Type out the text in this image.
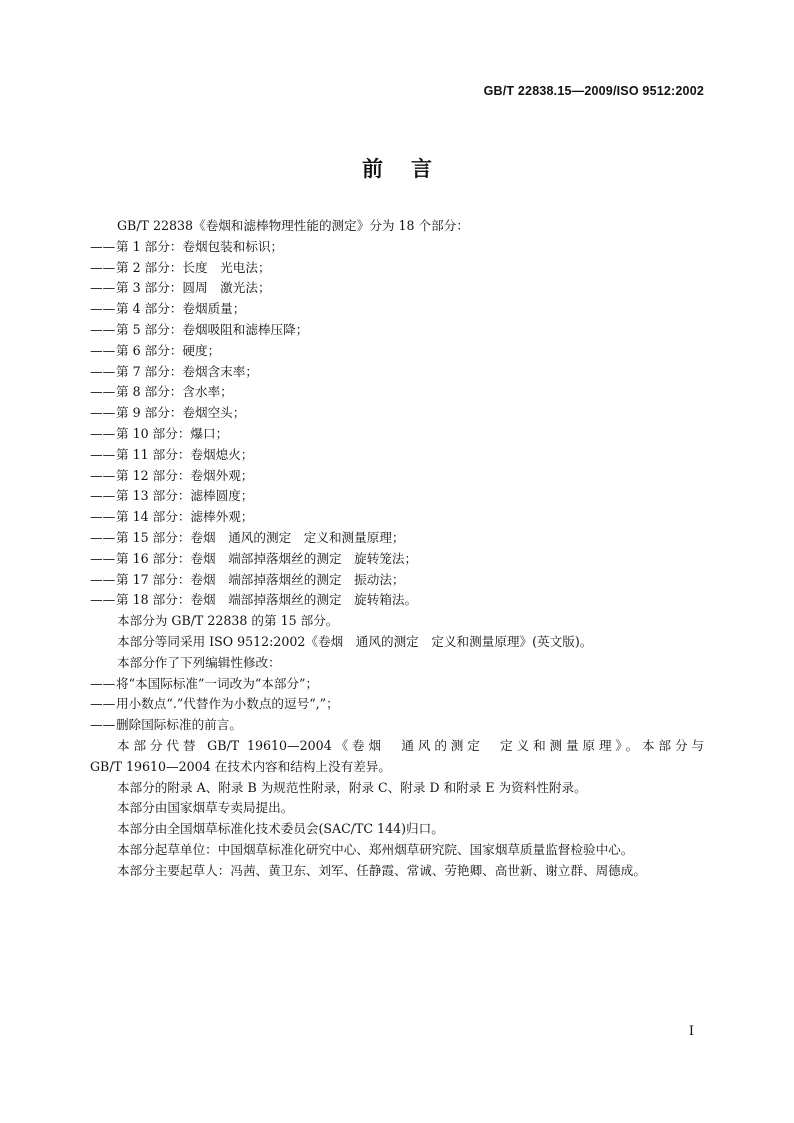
GB/T 22838.15—2009/ISO 9512:2002
前言
GB/T 22838《卷烟和滤棒物理性能的测定》分为 18 个部分：
——第 1 部分：卷烟包装和标识；
——第 2 部分：长度　光电法；
——第 3 部分：圆周　激光法；
——第 4 部分：卷烟质量；
——第 5 部分：卷烟吸阻和滤棒压降；
——第 6 部分：硬度；
——第 7 部分：卷烟含末率；
——第 8 部分：含水率；
——第 9 部分：卷烟空头；
——第 10 部分：爆口；
——第 11 部分：卷烟熄火；
——第 12 部分：卷烟外观；
——第 13 部分：滤棒圆度；
——第 14 部分：滤棒外观；
——第 15 部分：卷烟　通风的测定　定义和测量原理；
——第 16 部分：卷烟　端部掉落烟丝的测定　旋转笼法；
——第 17 部分：卷烟　端部掉落烟丝的测定　振动法；
——第 18 部分：卷烟　端部掉落烟丝的测定　旋转箱法。
本部分为 GB/T 22838 的第 15 部分。
本部分等同采用 ISO 9512:2002《卷烟　通风的测定　定义和测量原理》(英文版)。
本部分作了下列编辑性修改：
——将“本国际标准”一词改为“本部分”；
——用小数点“.”代替作为小数点的逗号“,”；
——删除国际标准的前言。
本部分代替 GB/T 19610—2004《卷烟　通风的测定　定义和测量原理》。本部分与
GB/T 19610—2004 在技术内容和结构上没有差异。
本部分的附录 A、附录 B 为规范性附录，附录 C、附录 D 和附录 E 为资料性附录。
本部分由国家烟草专卖局提出。
本部分由全国烟草标准化技术委员会(SAC/TC 144)归口。
本部分起草单位：中国烟草标准化研究中心、郑州烟草研究院、国家烟草质量监督检验中心。
本部分主要起草人：冯茜、黄卫东、刘军、任静霞、常诚、劳艳卿、高世新、谢立群、周德成。
I
